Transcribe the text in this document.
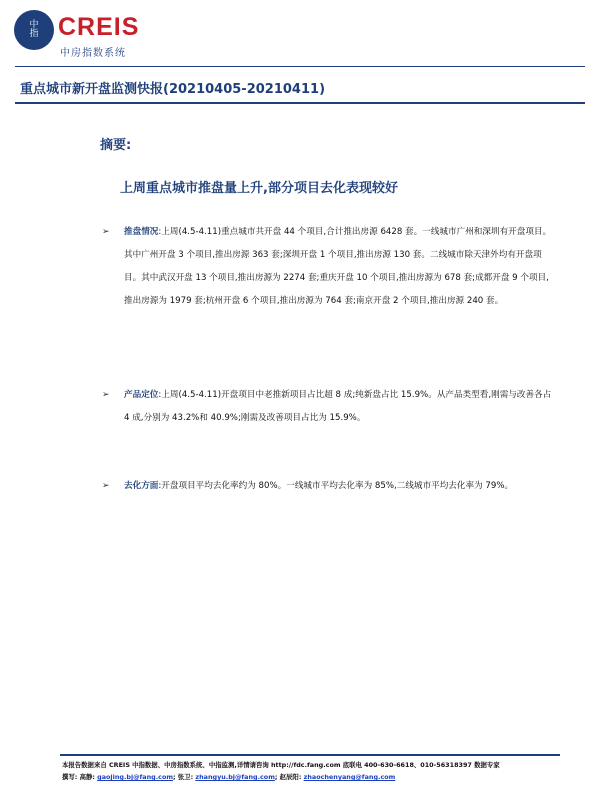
中
指 CREIS
中房指数系统
重点城市新开盘监测快报(20210405-20210411)
摘要:
上周重点城市推盘量上升,部分项目去化表现较好
➢	推盘情况:上周(4.5-4.11)重点城市共开盘 44 个项目,合计推出房源 6428 套。一线城市广州和深圳有开盘项目。其中广州开盘 3 个项目,推出房源 363 套;深圳开盘 1 个项目,推出房源 130 套。二线城市除天津外均有开盘项目。其中武汉开盘 13 个项目,推出房源为 2274 套;重庆开盘 10 个项目,推出房源为 678 套;成都开盘 9 个项目,推出房源为 1979 套;杭州开盘 6 个项目,推出房源为 764 套;南京开盘 2 个项目,推出房源 240 套。
➢	产品定位:上周(4.5-4.11)开盘项目中老推新项目占比超 8 成;纯新盘占比 15.9%。从产品类型看,刚需与改善各占 4 成,分别为 43.2%和 40.9%;刚需及改善项目占比为 15.9%。
➢	去化方面:开盘项目平均去化率约为 80%。一线城市平均去化率为 85%,二线城市平均去化率为 79%。
本报告数据来自 CREIS 中指数据、中房指数系统、中指监测,详情请咨询 http://fdc.fang.com 底联电 400-630-6618、010-56318397 数据专家
撰写: 高静: gaojing.bj@fang.com; 张卫: zhangyu.bj@fang.com; 赵辰阳: zhaochenyang@fang.com
